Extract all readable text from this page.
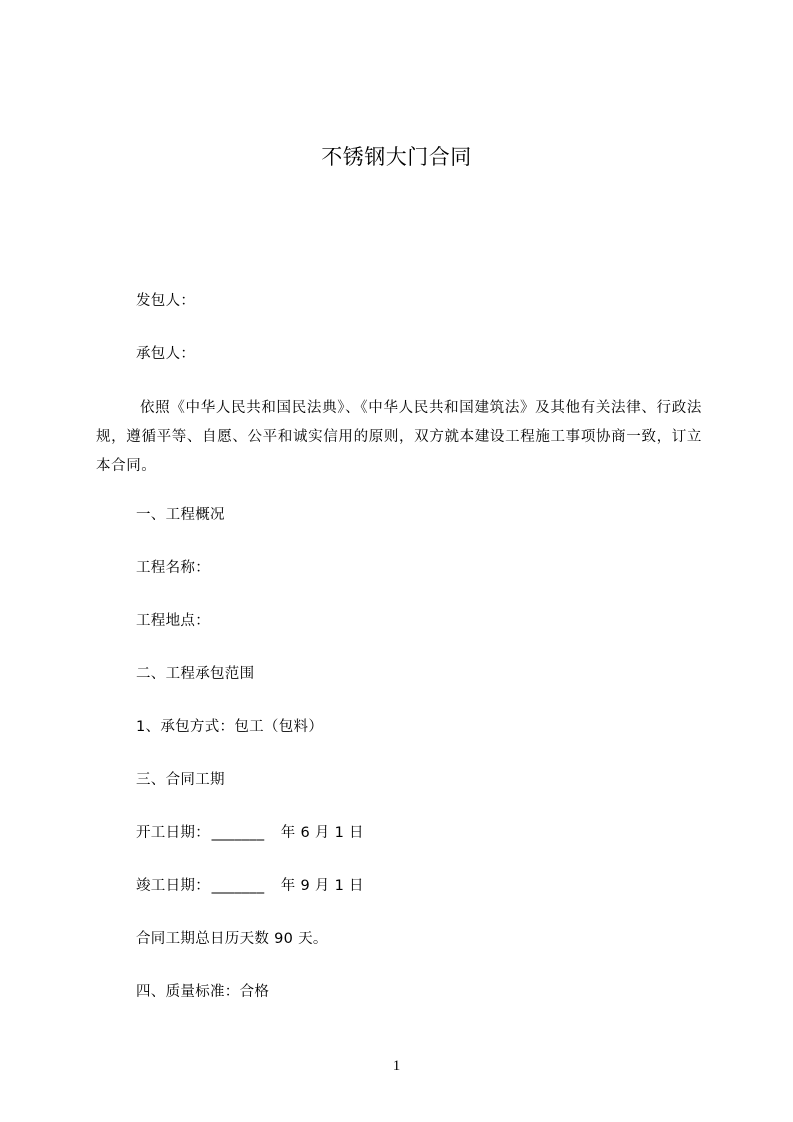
不锈钢大门合同
发包人：
承包人：
依照《中华人民共和国民法典》、《中华人民共和国建筑法》及其他有关法律、行政法规，遵循平等、自愿、公平和诚实信用的原则，双方就本建设工程施工事项协商一致，订立本合同。
一、工程概况
工程名称：
工程地点：
二、工程承包范围
1、承包方式：包工（包料）
三、合同工期
开工日期： _______ 年 6 月 1 日
竣工日期： _______ 年 9 月 1 日
合同工期总日历天数 90 天。
四、质量标准：合格
1
